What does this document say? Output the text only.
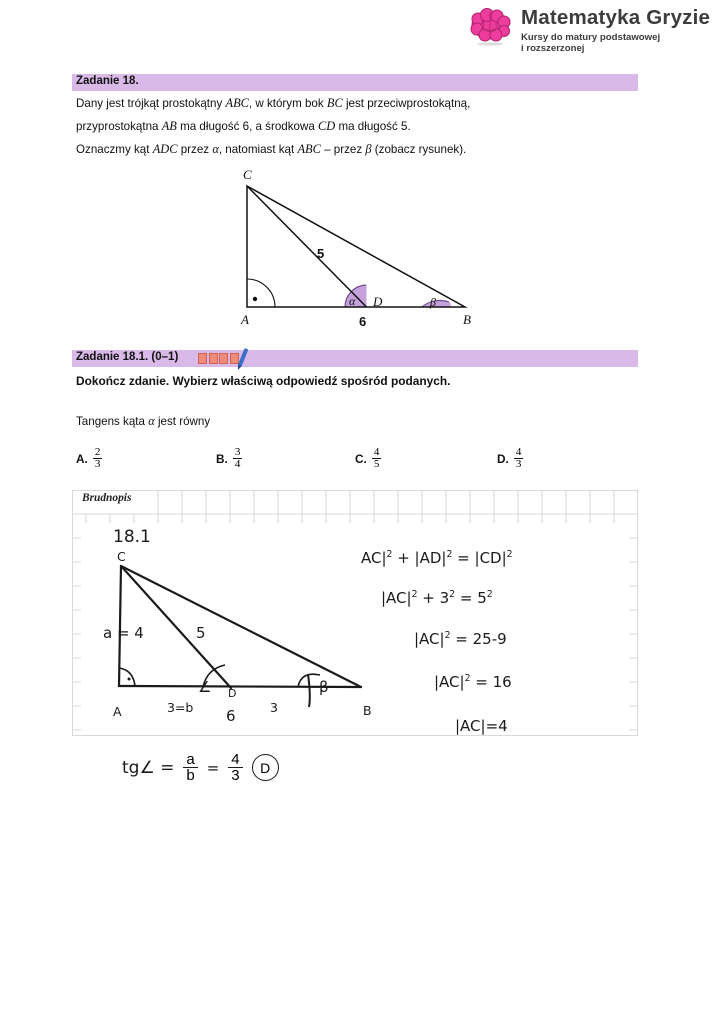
Matematyka Gryzie
Kursy do matury podstawowej
i rozszerzonej
Zadanie 18.
Dany jest trójkąt prostokątny ABC, w którym bok BC jest przeciwprostokątną,
przyprostokątna AB ma długość 6, a środkowa CD ma długość 5.
Oznaczmy kąt ADC przez α, natomiast kąt ABC – przez β (zobacz rysunek).
C
A	B
D
5
6
α	β
Zadanie 18.1. (0–1)
Dokończ zdanie. Wybierz właściwą odpowiedź spośród podanych.
Tangens kąta α jest równy
A. $\frac{2}{3}$	B. $\frac{3}{4}$	C. $\frac{4}{5}$	D. $\frac{4}{3}$
Brudnopis
18.1
C
A	B
D
a = 4	5
3=b	3
6
∠	β
$AC|^2 + |AD|^2 = |CD|^2$
$|AC|^2 + 3^2 = 5^2$
$|AC|^2 = 25-9$
$|AC|^2 = 16$
|AC|=4
tg∠ = $\frac{a}{b} = \frac{4}{3}$	D
